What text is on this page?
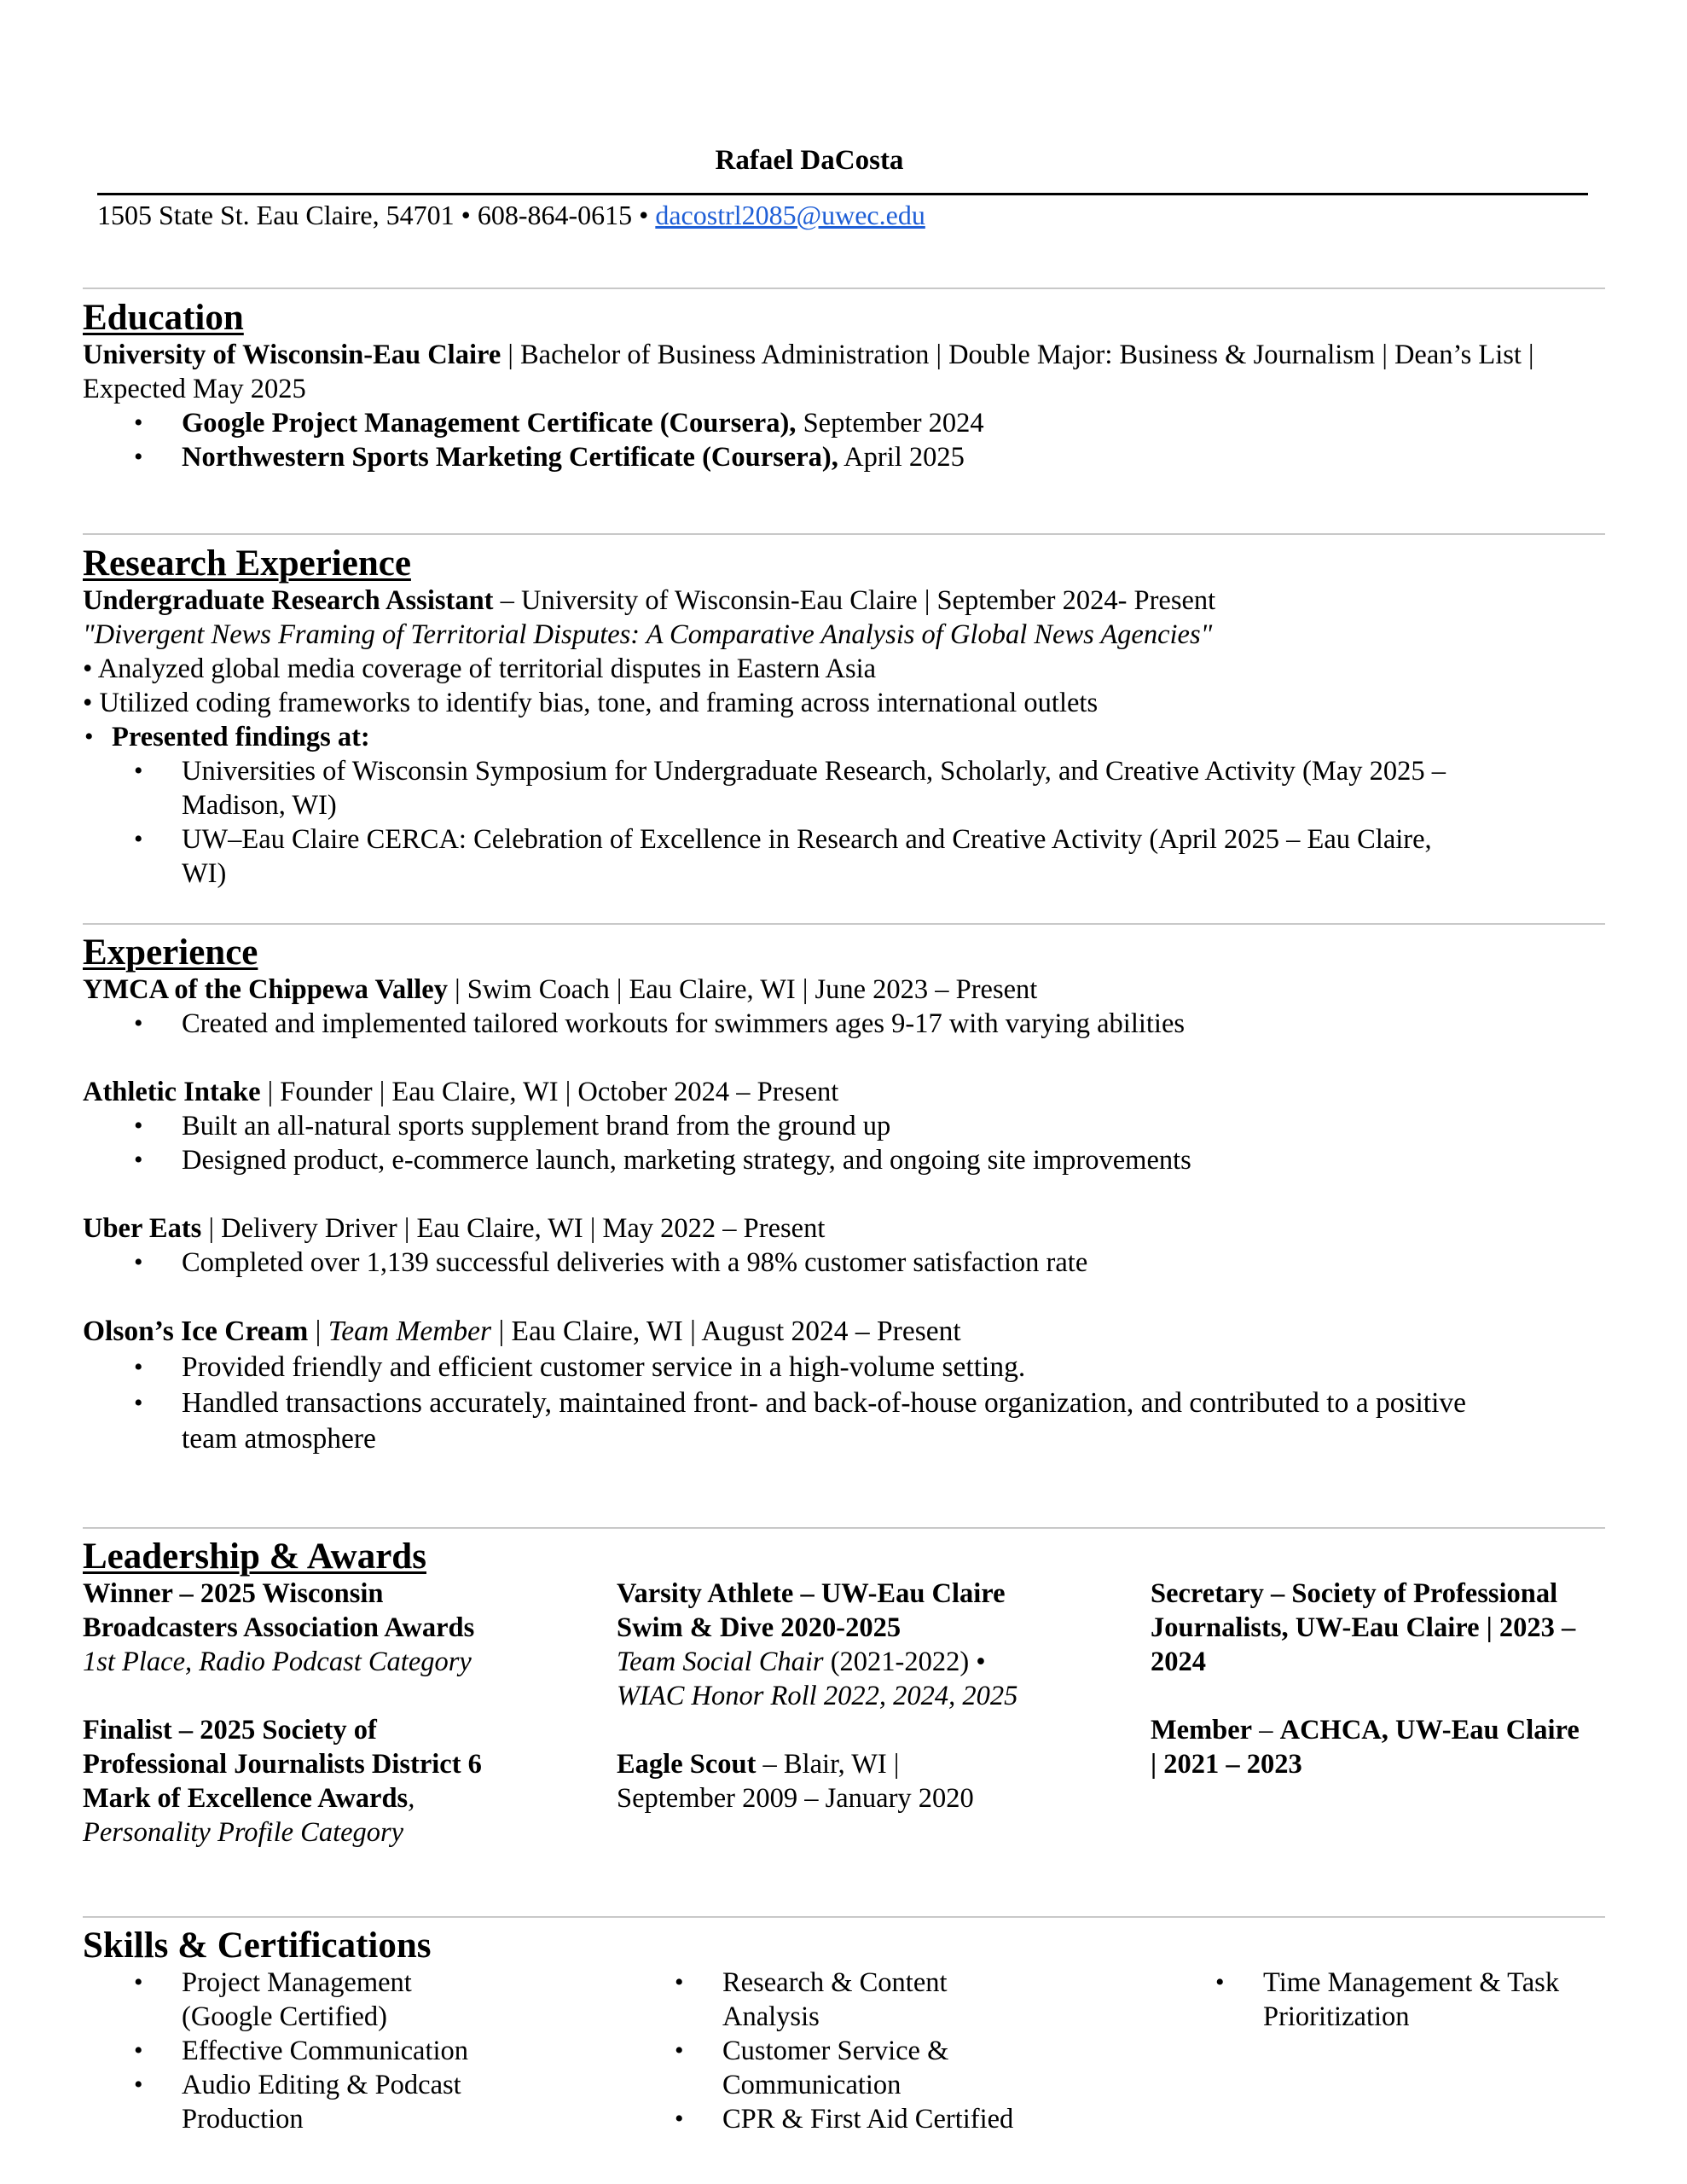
Rafael DaCosta
1505 State St. Eau Claire, 54701 • 608-864-0615 • dacostrl2085@uwec.edu
Education
University of Wisconsin-Eau Claire | Bachelor of Business Administration | Double Major: Business & Journalism | Dean’s List |
Expected May 2025
• Google Project Management Certificate (Coursera), September 2024
• Northwestern Sports Marketing Certificate (Coursera), April 2025
Research Experience
Undergraduate Research Assistant – University of Wisconsin-Eau Claire | September 2024- Present
"Divergent News Framing of Territorial Disputes: A Comparative Analysis of Global News Agencies"
• Analyzed global media coverage of territorial disputes in Eastern Asia
• Utilized coding frameworks to identify bias, tone, and framing across international outlets
• Presented findings at:
• Universities of Wisconsin Symposium for Undergraduate Research, Scholarly, and Creative Activity (May 2025 –
Madison, WI)
• UW–Eau Claire CERCA: Celebration of Excellence in Research and Creative Activity (April 2025 – Eau Claire,
WI)
Experience
YMCA of the Chippewa Valley | Swim Coach | Eau Claire, WI | June 2023 – Present
• Created and implemented tailored workouts for swimmers ages 9-17 with varying abilities
Athletic Intake | Founder | Eau Claire, WI | October 2024 – Present
• Built an all-natural sports supplement brand from the ground up
• Designed product, e-commerce launch, marketing strategy, and ongoing site improvements
Uber Eats | Delivery Driver | Eau Claire, WI | May 2022 – Present
• Completed over 1,139 successful deliveries with a 98% customer satisfaction rate
Olson’s Ice Cream | Team Member | Eau Claire, WI | August 2024 – Present
• Provided friendly and efficient customer service in a high-volume setting.
• Handled transactions accurately, maintained front- and back-of-house organization, and contributed to a positive
team atmosphere
Leadership & Awards
Winner – 2025 Wisconsin
Broadcasters Association Awards
1st Place, Radio Podcast Category
Finalist – 2025 Society of
Professional Journalists District 6
Mark of Excellence Awards,
Personality Profile Category
Varsity Athlete – UW-Eau Claire
Swim & Dive 2020-2025
Team Social Chair (2021-2022) •
WIAC Honor Roll 2022, 2024, 2025
Eagle Scout – Blair, WI |
September 2009 – January 2020
Secretary – Society of Professional
Journalists, UW-Eau Claire | 2023 –
2024
Member – ACHCA, UW-Eau Claire
| 2021 – 2023
Skills & Certifications
• Project Management
(Google Certified)
• Effective Communication
• Audio Editing & Podcast
Production
• Research & Content
Analysis
• Customer Service &
Communication
• CPR & First Aid Certified
• Time Management & Task
Prioritization
